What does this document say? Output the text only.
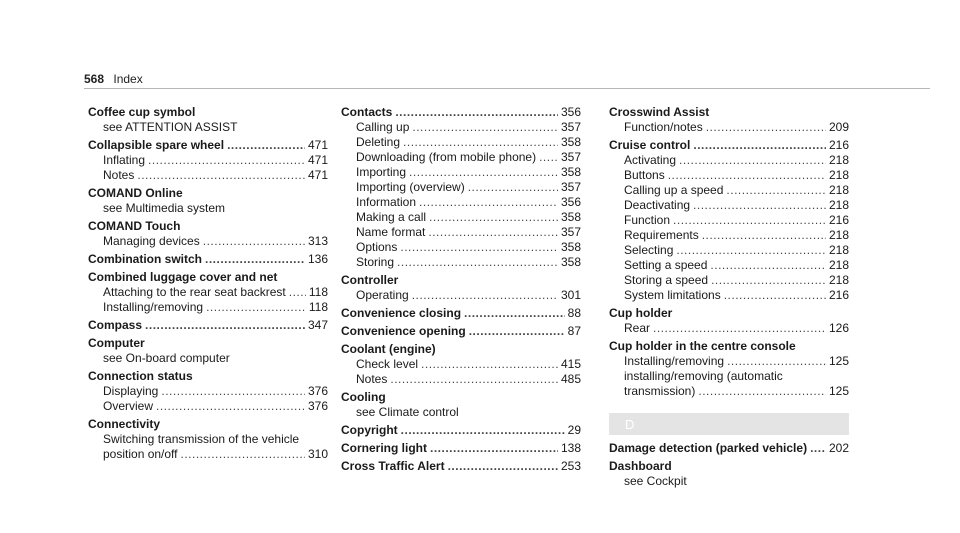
568 Index
Coffee cup symbol
see ATTENTION ASSIST
Collapsible spare wheel .....	471
Inflating .....	471
Notes .....	471
COMAND Online
see Multimedia system
COMAND Touch
Managing devices .....	313
Combination switch .....	136
Combined luggage cover and net
Attaching to the rear seat backrest ..... 118
Installing/removing .....	118
Compass .....	347
Computer
see On-board computer
Connection status
Displaying .....	376
Overview .....	376
Connectivity
Switching transmission of the vehicle
position on/off .....	310
Contacts .....	356
Calling up .....	357
Deleting .....	358
Downloading (from mobile phone) ..... 357
Importing .....	358
Importing (overview) .....	357
Information .....	356
Making a call .....	358
Name format .....	357
Options .....	358
Storing .....	358
Controller
Operating .....	301
Convenience closing .....	88
Convenience opening .....	87
Coolant (engine)
Check level .....	415
Notes .....	485
Cooling
see Climate control
Copyright .....	29
Cornering light .....	138
Cross Traffic Alert .....	253
Crosswind Assist
Function/notes .....	209
Cruise control .....	216
Activating .....	218
Buttons .....	218
Calling up a speed .....	218
Deactivating .....	218
Function .....	216
Requirements .....	218
Selecting .....	218
Setting a speed .....	218
Storing a speed .....	218
System limitations .....	216
Cup holder
Rear .....	126
Cup holder in the centre console
Installing/removing .....	125
installing/removing (automatic
transmission) .....	125
D
Damage detection (parked vehicle) ..... 202
Dashboard
see Cockpit
